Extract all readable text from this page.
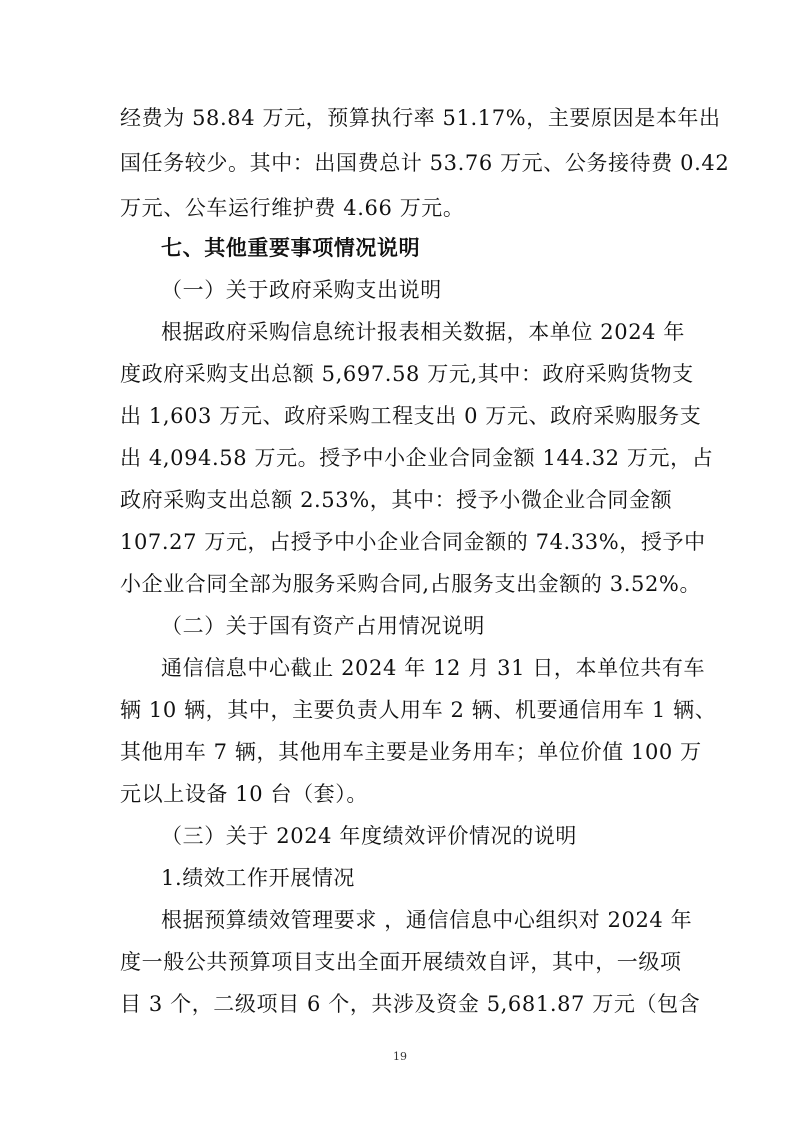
经费为 58.84 万元，预算执行率 51.17%，主要原因是本年出
国任务较少。其中：出国费总计 53.76 万元、公务接待费 0.42
万元、公车运行维护费 4.66 万元。
七、其他重要事项情况说明
（一）关于政府采购支出说明
根据政府采购信息统计报表相关数据，本单位 2024 年
度政府采购支出总额 5,697.58 万元,其中：政府采购货物支
出 1,603 万元、政府采购工程支出 0 万元、政府采购服务支
出 4,094.58 万元。授予中小企业合同金额 144.32 万元，占
政府采购支出总额 2.53%，其中：授予小微企业合同金额
107.27 万元，占授予中小企业合同金额的 74.33%，授予中
小企业合同全部为服务采购合同,占服务支出金额的 3.52%。
（二）关于国有资产占用情况说明
通信信息中心截止 2024 年 12 月 31 日，本单位共有车
辆 10 辆，其中，主要负责人用车 2 辆、机要通信用车 1 辆、
其他用车 7 辆，其他用车主要是业务用车；单位价值 100 万
元以上设备 10 台（套）。
（三）关于 2024 年度绩效评价情况的说明
1.绩效工作开展情况
根据预算绩效管理要求 ，通信信息中心组织对 2024 年
度一般公共预算项目支出全面开展绩效自评，其中，一级项
目 3 个，二级项目 6 个，共涉及资金 5,681.87 万元（包含
19
